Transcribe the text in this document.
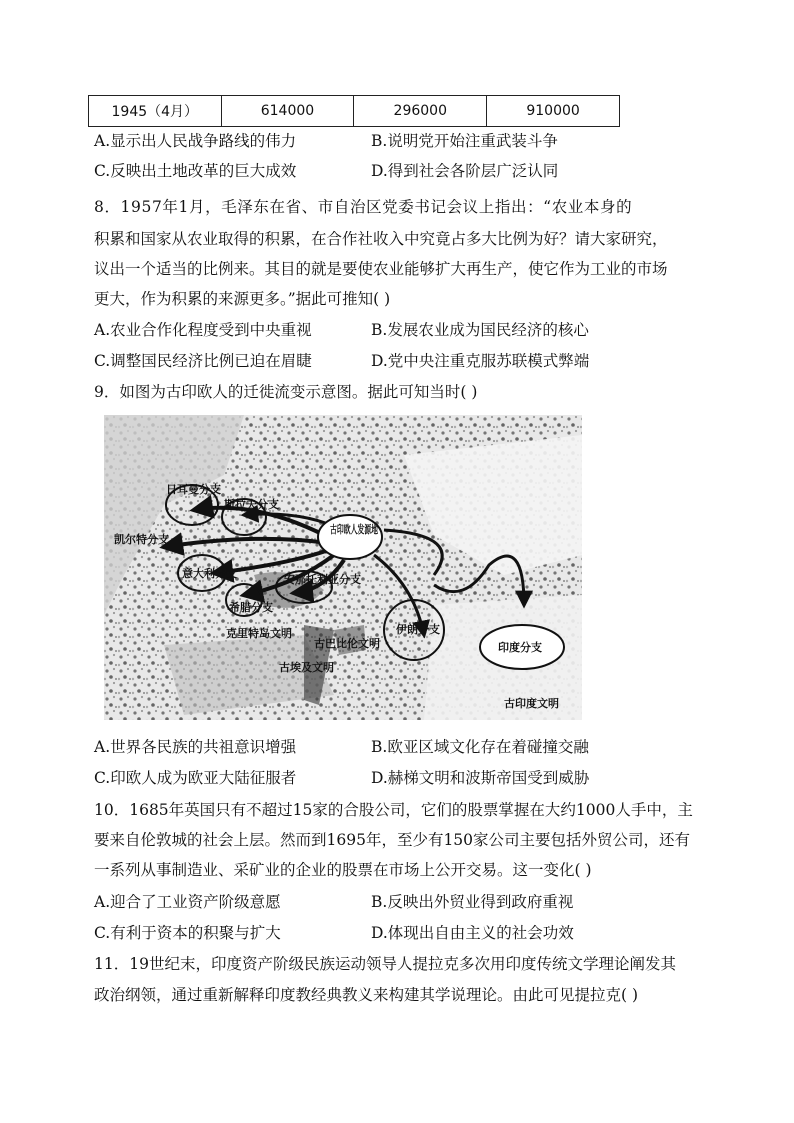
1945（4月）	614000	296000	910000
A.显示出人民战争路线的伟力	B.说明党开始注重武装斗争
C.反映出土地改革的巨大成效	D.得到社会各阶层广泛认同
8．1957年1月，毛泽东在省、市自治区党委书记会议上指出：“农业本身的
积累和国家从农业取得的积累，在合作社收入中究竟占多大比例为好？请大家研究，
议出一个适当的比例来。其目的就是要使农业能够扩大再生产，使它作为工业的市场
更大，作为积累的来源更多。”据此可推知( )
A.农业合作化程度受到中央重视	B.发展农业成为国民经济的核心
C.调整国民经济比例已迫在眉睫	D.党中央注重克服苏联模式弊端
9．如图为古印欧人的迁徙流变示意图。据此可知当时( )
日耳曼分支
斯拉夫分支
凯尔特分支
古印欧人发源地
意大利分支	安那托利亚分支
希腊分支
克里特岛文明
古埃及文明
古巴比伦文明
伊朗分支
印度分支
古印度文明
A.世界各民族的共祖意识增强	B.欧亚区域文化存在着碰撞交融
C.印欧人成为欧亚大陆征服者	D.赫梯文明和波斯帝国受到威胁
10．1685年英国只有不超过15家的合股公司，它们的股票掌握在大约1000人手中，主
要来自伦敦城的社会上层。然而到1695年，至少有150家公司主要包括外贸公司，还有
一系列从事制造业、采矿业的企业的股票在市场上公开交易。这一变化( )
A.迎合了工业资产阶级意愿	B.反映出外贸业得到政府重视
C.有利于资本的积聚与扩大	D.体现出自由主义的社会功效
11．19世纪末，印度资产阶级民族运动领导人提拉克多次用印度传统文学理论阐发其
政治纲领，通过重新解释印度教经典教义来构建其学说理论。由此可见提拉克( )
